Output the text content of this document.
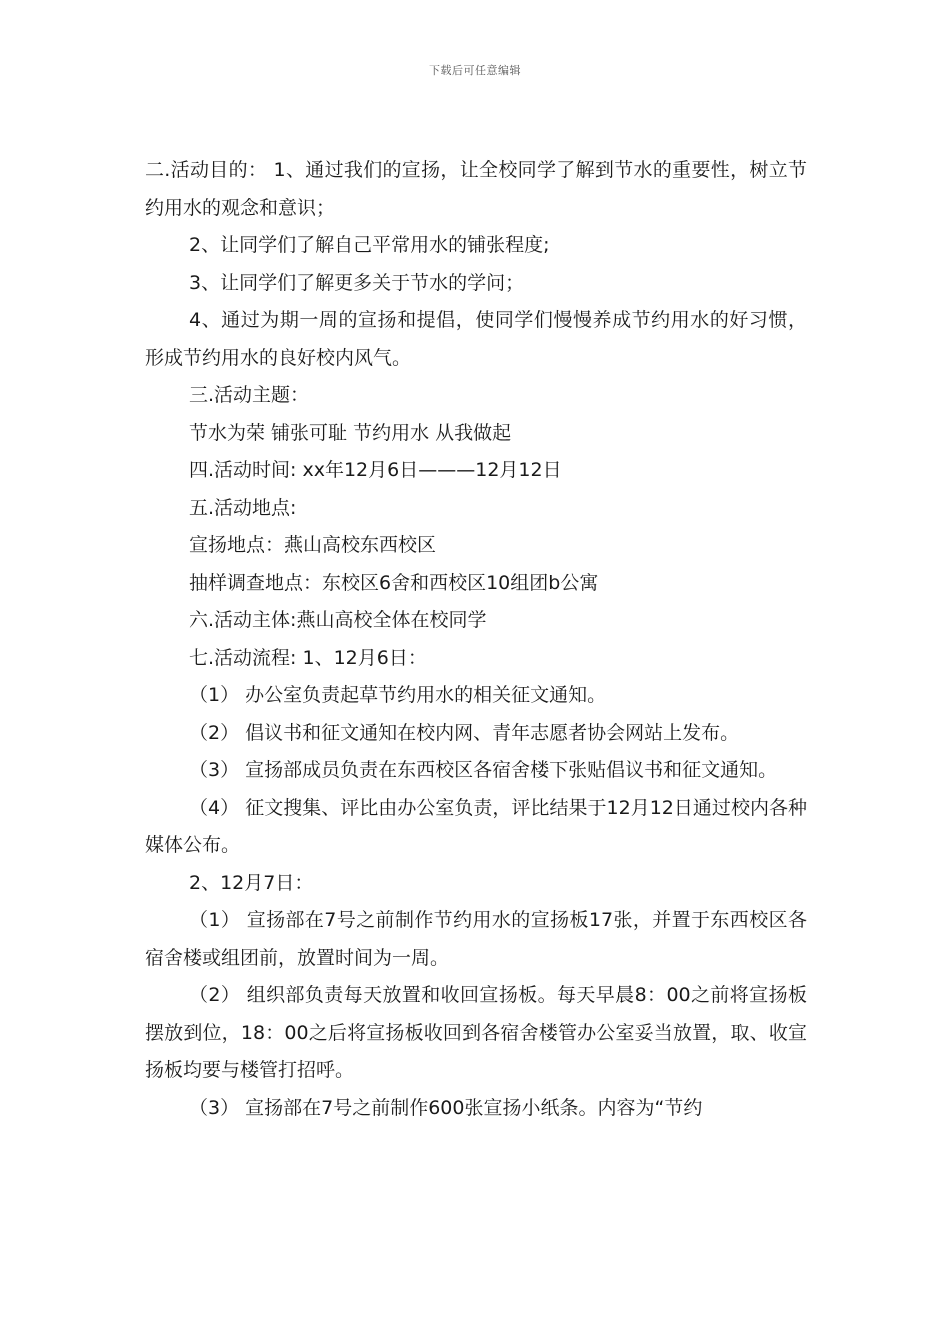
下载后可任意编辑

二.活动目的： 1、通过我们的宣扬，让全校同学了解到节水的重要性，树立节约用水的观念和意识；

2、让同学们了解自己平常用水的铺张程度;

3、让同学们了解更多关于节水的学问；

4、通过为期一周的宣扬和提倡，使同学们慢慢养成节约用水的好习惯，形成节约用水的良好校内风气。

三.活动主题：

节水为荣 铺张可耻 节约用水 从我做起

四.活动时间: xx年12月6日———12月12日

五.活动地点:

宣扬地点：燕山高校东西校区

抽样调查地点：东校区6舍和西校区10组团b公寓

六.活动主体:燕山高校全体在校同学

七.活动流程: 1、12月6日：

（1） 办公室负责起草节约用水的相关征文通知。

（2） 倡议书和征文通知在校内网、青年志愿者协会网站上发布。

（3） 宣扬部成员负责在东西校区各宿舍楼下张贴倡议书和征文通知。

（4） 征文搜集、评比由办公室负责，评比结果于12月12日通过校内各种媒体公布。

2、12月7日：

（1） 宣扬部在7号之前制作节约用水的宣扬板17张，并置于东西校区各宿舍楼或组团前，放置时间为一周。

（2） 组织部负责每天放置和收回宣扬板。每天早晨8：00之前将宣扬板摆放到位，18：00之后将宣扬板收回到各宿舍楼管办公室妥当放置，取、收宣扬板均要与楼管打招呼。

（3） 宣扬部在7号之前制作600张宣扬小纸条。内容为“节约
